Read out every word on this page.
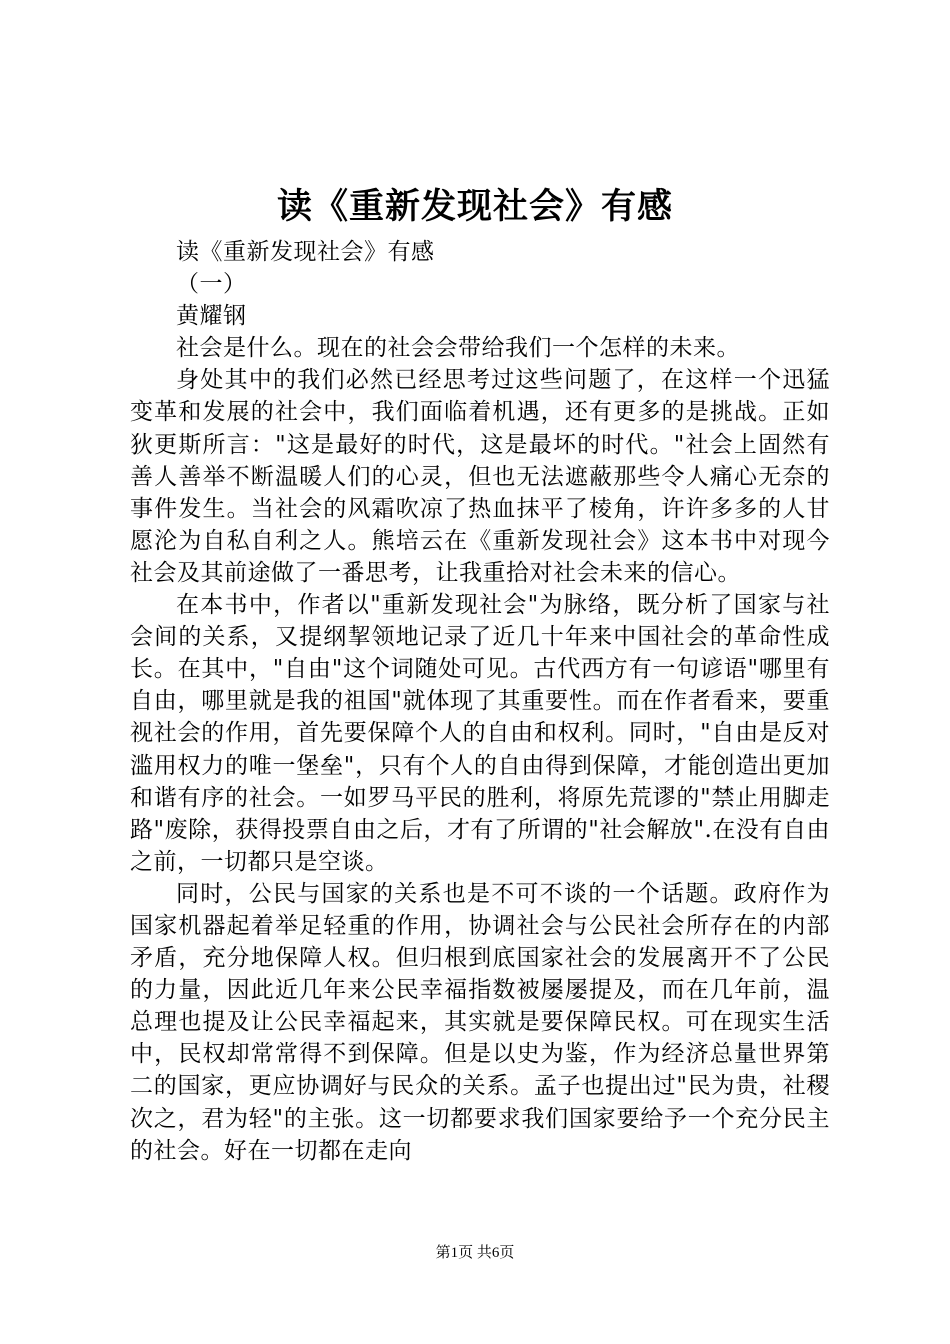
读《重新发现社会》有感

读《重新发现社会》有感

（一）

黄耀钢

社会是什么。现在的社会会带给我们一个怎样的未来。

身处其中的我们必然已经思考过这些问题了，在这样一个迅猛变革和发展的社会中，我们面临着机遇，还有更多的是挑战。正如狄更斯所言："这是最好的时代，这是最坏的时代。"社会上固然有善人善举不断温暖人们的心灵，但也无法遮蔽那些令人痛心无奈的事件发生。当社会的风霜吹凉了热血抹平了棱角，许许多多的人甘愿沦为自私自利之人。熊培云在《重新发现社会》这本书中对现今社会及其前途做了一番思考，让我重拾对社会未来的信心。

在本书中，作者以"重新发现社会"为脉络，既分析了国家与社会间的关系，又提纲挈领地记录了近几十年来中国社会的革命性成长。在其中，"自由"这个词随处可见。古代西方有一句谚语"哪里有自由，哪里就是我的祖国"就体现了其重要性。而在作者看来，要重视社会的作用，首先要保障个人的自由和权利。同时，"自由是反对滥用权力的唯一堡垒"，只有个人的自由得到保障，才能创造出更加和谐有序的社会。一如罗马平民的胜利，将原先荒谬的"禁止用脚走路"废除，获得投票自由之后，才有了所谓的"社会解放".在没有自由之前，一切都只是空谈。

同时，公民与国家的关系也是不可不谈的一个话题。政府作为国家机器起着举足轻重的作用，协调社会与公民社会所存在的内部矛盾，充分地保障人权。但归根到底国家社会的发展离开不了公民的力量，因此近几年来公民幸福指数被屡屡提及，而在几年前，温总理也提及让公民幸福起来，其实就是要保障民权。可在现实生活中，民权却常常得不到保障。但是以史为鉴，作为经济总量世界第二的国家，更应协调好与民众的关系。孟子也提出过"民为贵，社稷次之，君为轻"的主张。这一切都要求我们国家要给予一个充分民主的社会。好在一切都在走向

第1页 共6页
